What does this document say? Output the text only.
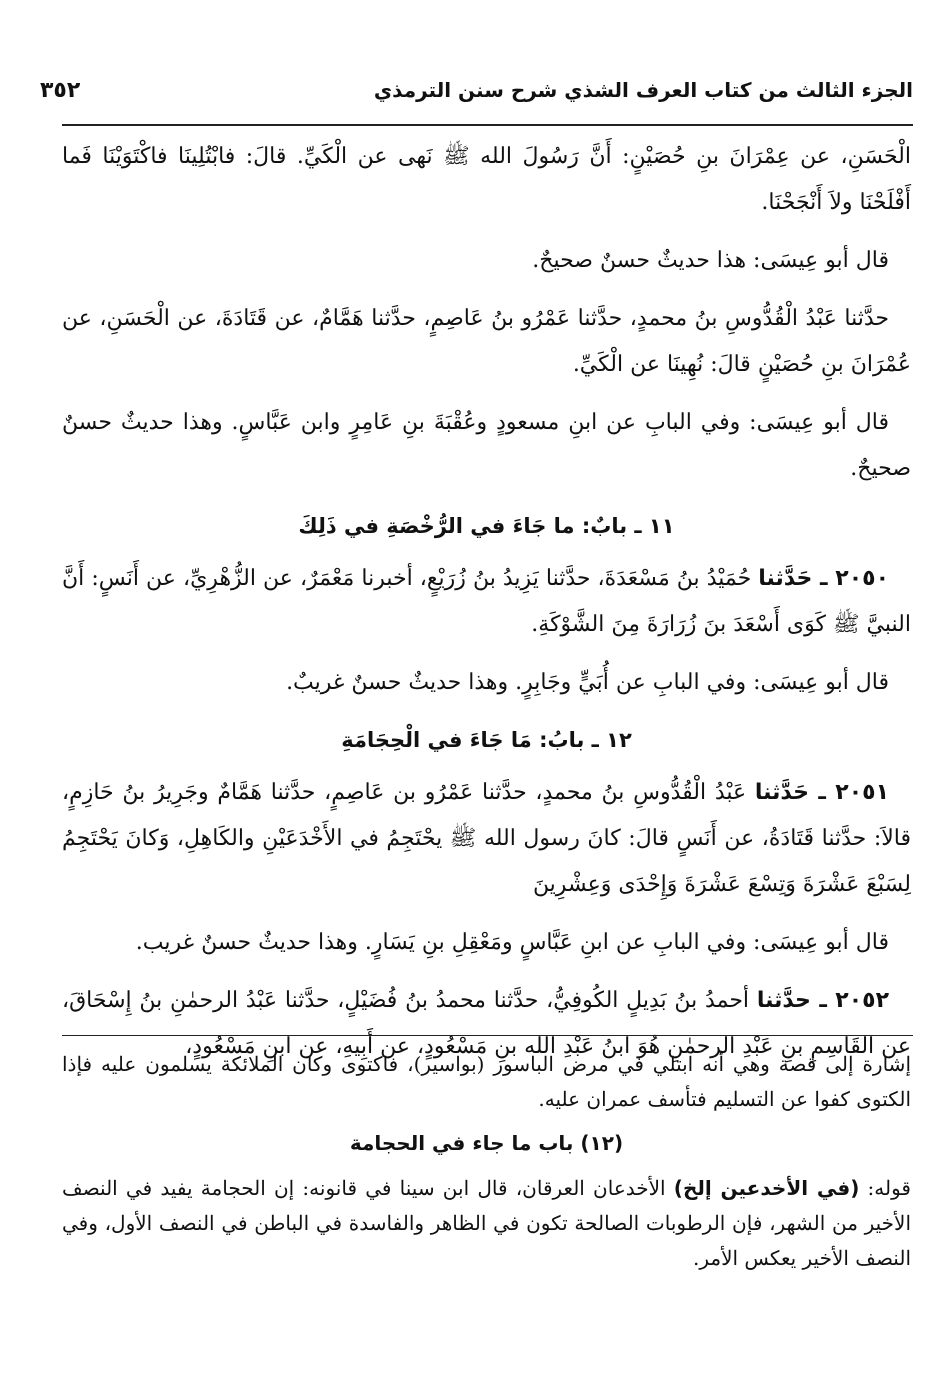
الجزء الثالث من كتاب العرف الشذي شرح سنن الترمذي
٣٥٢

الْحَسَنِ، عن عِمْرَانَ بنِ حُصَيْنٍ: أَنَّ رَسُولَ الله ﷺ نَهى عن الْكَيِّ. قالَ: فابْتُلِينَا فاكْتَوَيْنَا فَما أَفْلَحْنَا ولاَ أَنْجَحْنَا.

قال أبو عِيسَى: هذا حديثٌ حسنٌ صحيحٌ.

حدَّثنا عَبْدُ الْقُدُّوسِ بنُ محمدٍ، حدَّثنا عَمْرُو بنُ عَاصِمٍ، حدَّثنا هَمَّامٌ، عن قَتَادَةَ، عن الْحَسَنِ، عن عُمْرَانَ بنِ حُصَيْنٍ قالَ: نُهِينَا عن الْكَيِّ.

قال أبو عِيسَى: وفي البابِ عن ابنِ مسعودٍ وعُقْبَةَ بنِ عَامِرٍ وابن عَبَّاسٍ. وهذا حديثٌ حسنٌ صحيحٌ.

١١ ـ بابٌ: ما جَاءَ في الرُّخْصَةِ في ذَلِكَ

٢٠٥٠ ـ حَدَّثنا حُمَيْدُ بنُ مَسْعَدَةَ، حدَّثنا يَزِيدُ بنُ زُرَيْعٍ، أخبرنا مَعْمَرٌ، عن الزُّهْرِيِّ، عن أَنَسٍ: أَنَّ النبيَّ ﷺ كَوَى أَسْعَدَ بنَ زُرَارَةَ مِنَ الشَّوْكَةِ.

قال أبو عِيسَى: وفي البابِ عن أُبَيٍّ وجَابِرٍ. وهذا حديثٌ حسنٌ غريبٌ.

١٢ ـ بابُ: مَا جَاءَ في الْحِجَامَةِ

٢٠٥١ ـ حَدَّثنا عَبْدُ الْقُدُّوسِ بنُ محمدٍ، حدَّثنا عَمْرُو بن عَاصِمٍ، حدَّثنا هَمَّامٌ وجَرِيرُ بنُ حَازِمٍ، قالاَ: حدَّثنا قَتَادَةُ، عن أَنَسٍ قالَ: كانَ رسول الله ﷺ يحْتَجِمُ في الأَخْدَعَيْنِ والكَاهِلِ، وَكانَ يَحْتَجِمُ لِسَبْعَ عَشْرَةَ وَتِسْعَ عَشْرَةَ وَإِحْدَى وَعِشْرِينَ

قال أبو عِيسَى: وفي البابِ عن ابنِ عَبَّاسٍ ومَعْقِلِ بنِ يَسَارٍ. وهذا حديثٌ حسنٌ غريب.

٢٠٥٢ ـ حدَّثنا أحمدُ بنُ بَدِيلٍ الكُوفِيُّ، حدَّثنا محمدُ بنُ فُضَيْلٍ، حدَّثنا عَبْدُ الرحمٰنِ بنُ إِسْحَاقَ، عن القَاسِمِ بنِ عَبْدِ الرحمٰنِ هُوَ ابنُ عَبْدِ الله بنِ مَسْعُودٍ، عن أَبِيهِ، عن ابنِ مَسْعُودٍ،

إشارة إلى قصة وهي أنه ابتلي في مرض الباسور (بواسير)، فاكتوى وكان الملائكة يسلمون عليه فإذا الكتوى كفوا عن التسليم فتأسف عمران عليه.

(١٢) باب ما جاء في الحجامة

قوله: (في الأخدعين إلخ) الأخدعان العرقان، قال ابن سينا في قانونه: إن الحجامة يفيد في النصف الأخير من الشهر، فإن الرطوبات الصالحة تكون في الظاهر والفاسدة في الباطن في النصف الأول، وفي النصف الأخير يعكس الأمر.
